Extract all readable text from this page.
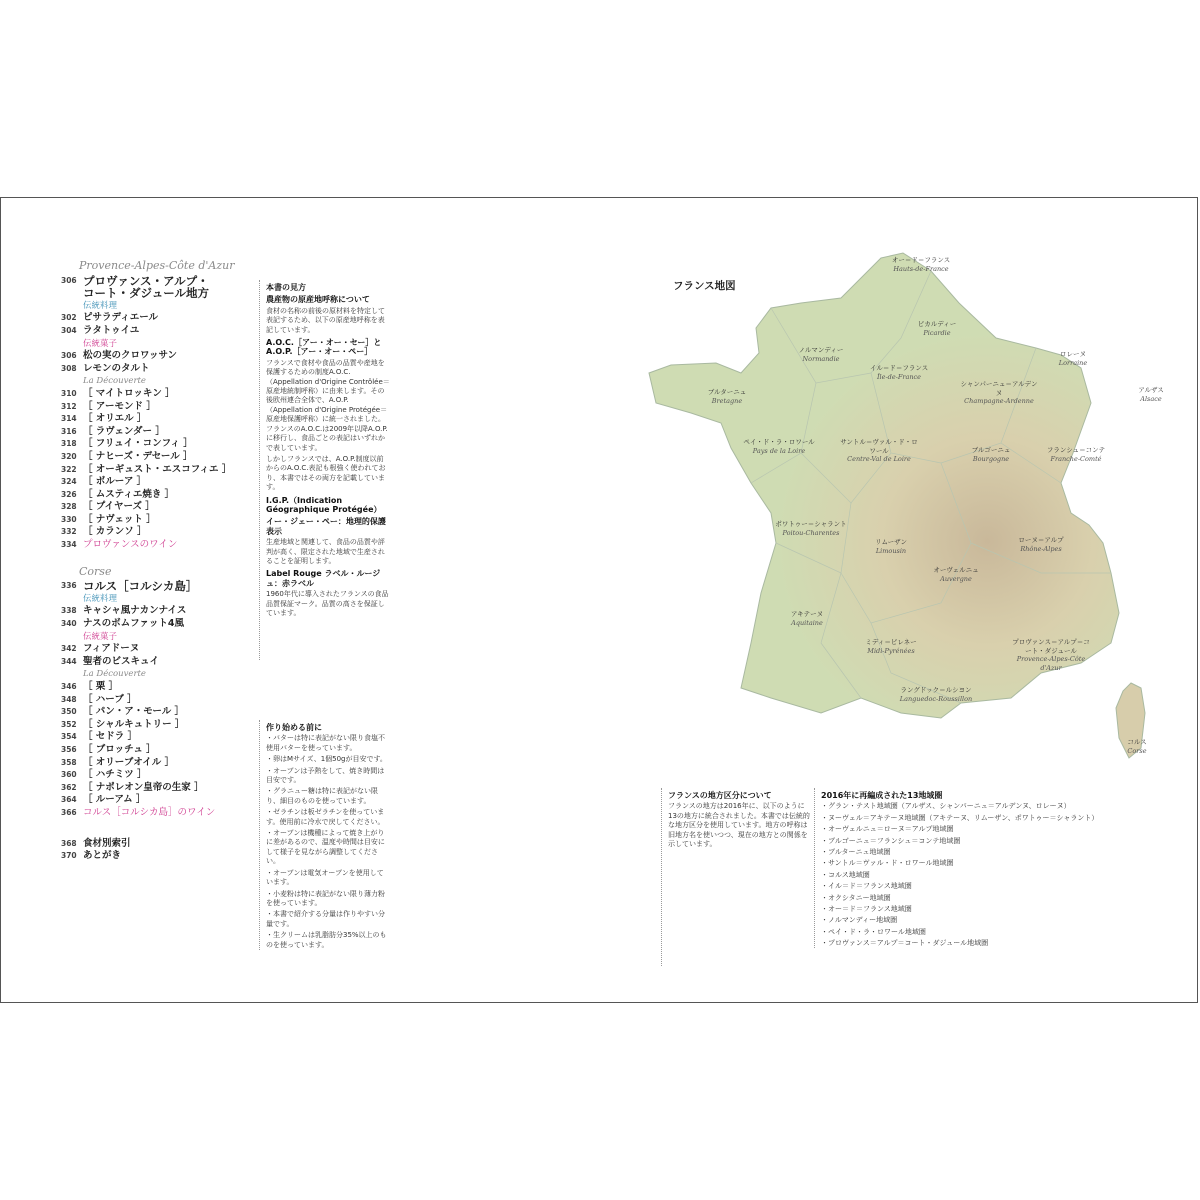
Provence-Alpes-Côte d'Azur
306 プロヴァンス・アルプ・
コート・ダジュール地方
伝統料理
302 ピサラディエール
304 ラタトゥイユ
伝統菓子
306 松の実のクロワッサン
308 レモンのタルト
La Découverte
310 ［ マイトロッキン ］
312 ［ アーモンド ］
314 ［ オリエル ］
316 ［ ラヴェンダー ］
318 ［ フリュイ・コンフィ ］
320 ［ ナヒーズ・デセール ］
322 ［ オーギュスト・エスコフィエ ］
324 ［ ボルーア ］
326 ［ ムスティエ焼き ］
328 ［ プイヤーズ ］
330 ［ ナヴェット ］
332 ［ カランソ ］
334 プロヴァンスのワイン
Corse
336 コルス［コルシカ島］
伝統料理
338 キャシャ風ナカンナイス
340 ナスのボムファット4風
伝統菓子
342 フィアドーヌ
344 聖者のビスキュイ
La Découverte
346 ［ 栗 ］
348 ［ ハーブ ］
350 ［ パン・ア・モール ］
352 ［ シャルキュトリー ］
354 ［ セドラ ］
356 ［ ブロッチュ ］
358 ［ オリーブオイル ］
360 ［ ハチミツ ］
362 ［ ナポレオン皇帝の生家 ］
364 ［ ルーアム ］
366 コルス［コルシカ島］のワイン
368 食材別索引
370 あとがき
本書の見方
農産物の原産地呼称について

食材の名称の前後の原材料を特定して表記するため、以下の原産地呼称を表記しています。

A.O.C.［アー・オー・セー］とA.O.P.［アー・オー・ペー］

フランスで食材や食品の品質や産地を保護するための制度A.O.C.（Appellation d'Origine Contrôlée＝原産地統制呼称）に由来します。その後欧州連合全体で、A.O.P.（Appellation d'Origine Protégée＝原産地保護呼称）に統一されました。フランスのA.O.C.は2009年以降A.O.P.に移行し、食品ごとの表記はいずれかで表しています。

しかしフランスでは、A.O.P.制度以前からのA.O.C.表記も根強く使われており、本書ではその両方を記載しています。

I.G.P.（Indication Géographique Protégée）
イー・ジェー・ペー：地理的保護表示

生産地域と関連して、食品の品質や評判が高く、限定された地域で生産されることを証明します。

Label Rouge ラベル・ルージュ：赤ラベル

1960年代に導入されたフランスの食品品質保証マーク。品質の高さを保証しています。

作り始める前に

・バターは特に表記がない限り食塩不使用バターを使っています。

・卵はMサイズ、1個50gが目安です。

・オーブンは予熱をして、焼き時間は目安です。

・グラニュー糖は特に表記がない限り、細目のものを使っています。

・ゼラチンは板ゼラチンを使っています。使用前に冷水で戻してください。

・オーブンは機種によって焼き上がりに差があるので、温度や時間は目安にして様子を見ながら調整してください。

・オーブンは電気オーブンを使用しています。

・小麦粉は特に表記がない限り薄力粉を使っています。

・本書で紹介する分量は作りやすい分量です。

・生クリームは乳脂肪分35%以上のものを使っています。

フランス地図
オー＝ド＝フランス
Hauts-de-France
ピカルディー
Picardie
ノルマンディー
Normandie
イル＝ド＝フランス
Île-de-France
ロレーヌ
Lorraine
ブルターニュ
Bretagne
シャンパーニュ＝アルデンヌ
Champagne-Ardenne
アルザス
Alsace
ペイ・ド・ラ・ロワール
Pays de la Loire
サントル＝ヴァル・ド・ロワール
Centre-Val de Loire
ブルゴーニュ
Bourgogne
フランシュ＝コンテ
Franche-Comté
ポワトゥー＝シャラント
Poitou-Charentes
リムーザン
Limousin
ローヌ＝アルプ
Rhône-Alpes
オーヴェルニュ
Auvergne
アキテーヌ
Aquitaine
ミディ＝ピレネー
Midi-Pyrénées
プロヴァンス＝アルプ＝コート・ダジュール
Provence-Alpes-Côte d'Azur
ラングドック＝ルシヨン
Languedoc-Roussillon
コルス
Corse
フランスの地方区分について

フランスの地方は2016年に、以下のように13の地方に統合されました。本書では伝統的な地方区分を使用しています。地方の呼称は旧地方名を使いつつ、現在の地方との関係を示しています。

2016年に再編成された13地域圏

・グラン・テスト地域圏（アルザス、シャンパーニュ＝アルデンヌ、ロレーヌ）

・ヌーヴェル＝アキテーヌ地域圏（アキテーヌ、リムーザン、ポワトゥー＝シャラント）

・オーヴェルニュ＝ローヌ＝アルプ地域圏

・ブルゴーニュ＝フランシュ＝コンテ地域圏

・ブルターニュ地域圏

・サントル＝ヴァル・ド・ロワール地域圏

・コルス地域圏

・イル＝ド＝フランス地域圏

・オクシタニー地域圏

・オー＝ド＝フランス地域圏

・ノルマンディー地域圏

・ペイ・ド・ラ・ロワール地域圏

・プロヴァンス＝アルプ＝コート・ダジュール地域圏
